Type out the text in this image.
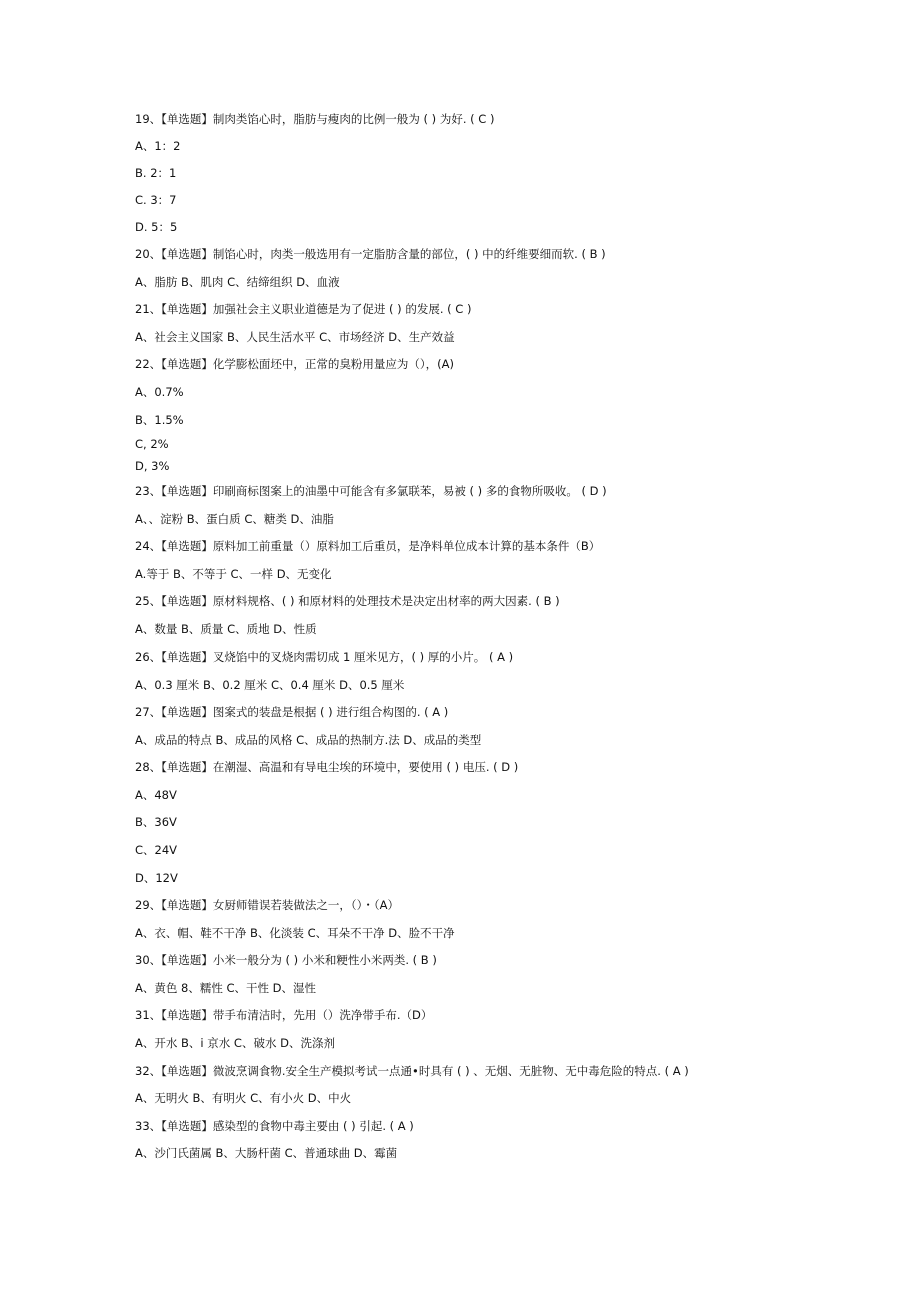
19、【单选题】制肉类馅心时，脂肪与瘦肉的比例一般为 ( ) 为好. ( C )

A、1：2

B. 2：1

C. 3：7

D. 5：5

20、【单选题】制馅心时，肉类一般选用有一定脂肪含量的部位，( ) 中的纤维要细而软. ( B )

A、脂肪 B、肌肉 C、结缔组织 D、血液

21、【单选题】加强社会主义职业道德是为了促进 ( ) 的发展. ( C )

A、社会主义国家 B、人民生活水平 C、市场经济 D、生产效益

22、【单选题】化学膨松面坯中，正常的臭粉用量应为（），(A)

A、0.7%

B、1.5%

C, 2%

D, 3%

23、【单选题】印刷商标图案上的油墨中可能含有多氯联苯，易被 ( ) 多的食物所吸收。 ( D )

A、、淀粉 B、蛋白质 C、糖类 D、油脂

24、【单选题】原料加工前重量（）原料加工后重员，是净料单位成本计算的基本条件（B）

A.等于 B、不等于 C、一样 D、无变化

25、【单选题】原材料规格、( ) 和原材料的处理技术是决定出材率的两大因素. ( B )

A、数量 B、质量 C、质地 D、性质

26、【单选题】叉烧馅中的叉烧肉需切成 1 厘米见方，( ) 厚的小片。 ( A )

A、0.3 厘米 B、0.2 厘米 C、0.4 厘米 D、0.5 厘米

27、【单选题】图案式的装盘是根据 ( ) 进行组合构图的. ( A )

A、成品的特点 B、成品的风格 C、成品的热制方.法 D、成品的类型

28、【单选题】在潮湿、高温和有导电尘埃的环境中，要使用 ( ) 电压. ( D )

A、48V

B、36V

C、24V

D、12V

29、【单选题】女厨师错误若装做法之一，（）・（A）

A、衣、帽、鞋不干净 B、化淡装 C、耳朵不干净 D、脸不干净

30、【单选题】小米一般分为 ( ) 小米和粳性小米两类. ( B )

A、黄色 8、糯性 C、干性 D、湿性

31、【单选题】带手布清洁时，先用（）洗净带手布.（D）

A、开水 B、i 京水 C、破水 D、洗涤剂

32、【单选题】微波烹调食物.安全生产模拟考试一点通•时具有 ( ) 、无烟、无脏物、无中毒危险的特点. ( A )

A、无明火 B、有明火 C、有小火 D、中火

33、【单选题】感染型的食物中毒主要由 ( ) 引起. ( A )

A、沙门氏菌属 B、大肠杆菌 C、普通球曲 D、霉菌
